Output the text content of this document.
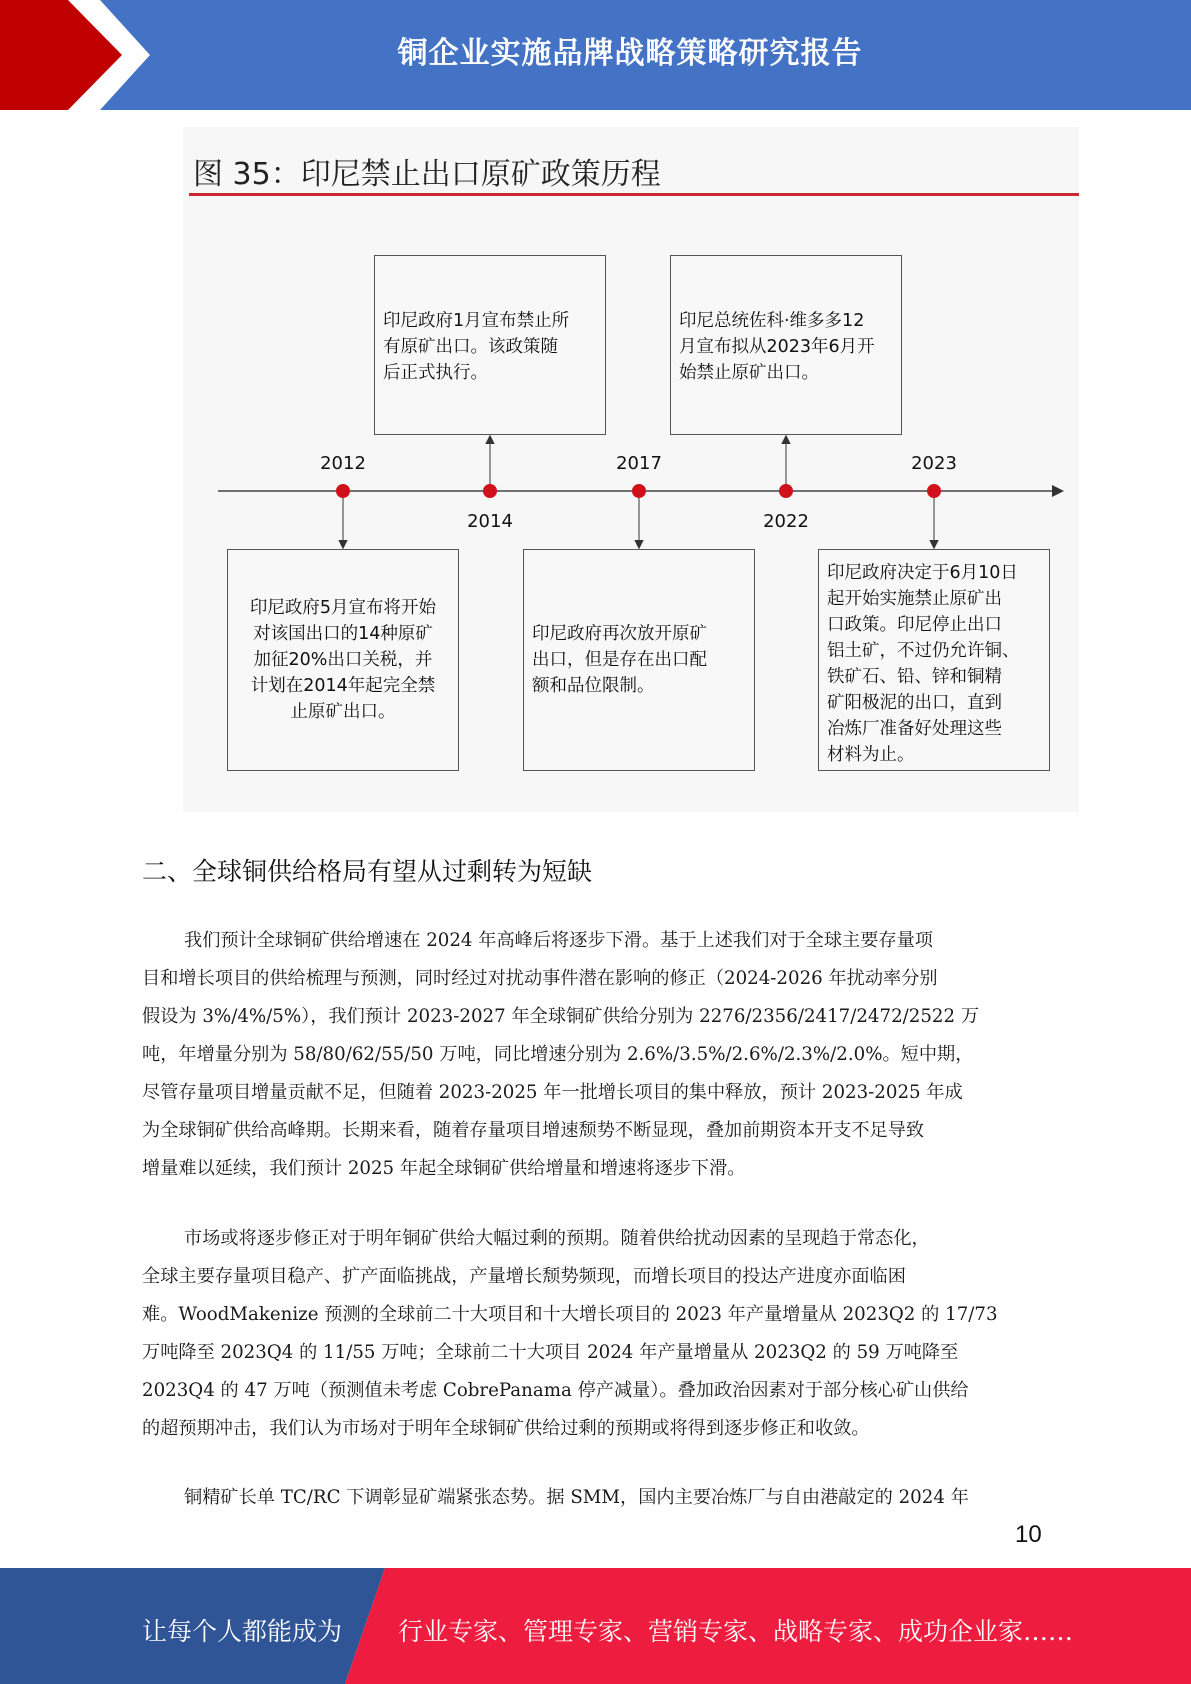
铜企业实施品牌战略策略研究报告
图 35：印尼禁止出口原矿政策历程
2012
2014
2017
2022
2023
印尼政府5月宣布将开始
对该国出口的14种原矿
加征20%出口关税，并
计划在2014年起完全禁
止原矿出口。
印尼政府1月宣布禁止所
有原矿出口。该政策随
后正式执行。
印尼政府再次放开原矿
出口，但是存在出口配
额和品位限制。
印尼总统佐科·维多多12
月宣布拟从2023年6月开
始禁止原矿出口。
印尼政府决定于6月10日
起开始实施禁止原矿出
口政策。印尼停止出口
铝土矿，不过仍允许铜、
铁矿石、铅、锌和铜精
矿阳极泥的出口，直到
冶炼厂准备好处理这些
材料为止。
二、全球铜供给格局有望从过剩转为短缺
我们预计全球铜矿供给增速在 2024 年高峰后将逐步下滑。基于上述我们对于全球主要存量项
目和增长项目的供给梳理与预测，同时经过对扰动事件潜在影响的修正（2024-2026 年扰动率分别
假设为 3%/4%/5%），我们预计 2023-2027 年全球铜矿供给分别为 2276/2356/2417/2472/2522 万
吨，年增量分别为 58/80/62/55/50 万吨，同比增速分别为 2.6%/3.5%/2.6%/2.3%/2.0%。短中期，
尽管存量项目增量贡献不足，但随着 2023-2025 年一批增长项目的集中释放，预计 2023-2025 年成
为全球铜矿供给高峰期。长期来看，随着存量项目增速颓势不断显现，叠加前期资本开支不足导致
增量难以延续，我们预计 2025 年起全球铜矿供给增量和增速将逐步下滑。
市场或将逐步修正对于明年铜矿供给大幅过剩的预期。随着供给扰动因素的呈现趋于常态化，
全球主要存量项目稳产、扩产面临挑战，产量增长颓势频现，而增长项目的投达产进度亦面临困
难。WoodMakenize 预测的全球前二十大项目和十大增长项目的 2023 年产量增量从 2023Q2 的 17/73
万吨降至 2023Q4 的 11/55 万吨；全球前二十大项目 2024 年产量增量从 2023Q2 的 59 万吨降至
2023Q4 的 47 万吨（预测值未考虑 CobrePanama 停产减量）。叠加政治因素对于部分核心矿山供给
的超预期冲击，我们认为市场对于明年全球铜矿供给过剩的预期或将得到逐步修正和收敛。
铜精矿长单 TC/RC 下调彰显矿端紧张态势。据 SMM，国内主要冶炼厂与自由港敲定的 2024 年
10
让每个人都能成为 行业专家、管理专家、营销专家、战略专家、成功企业家……
